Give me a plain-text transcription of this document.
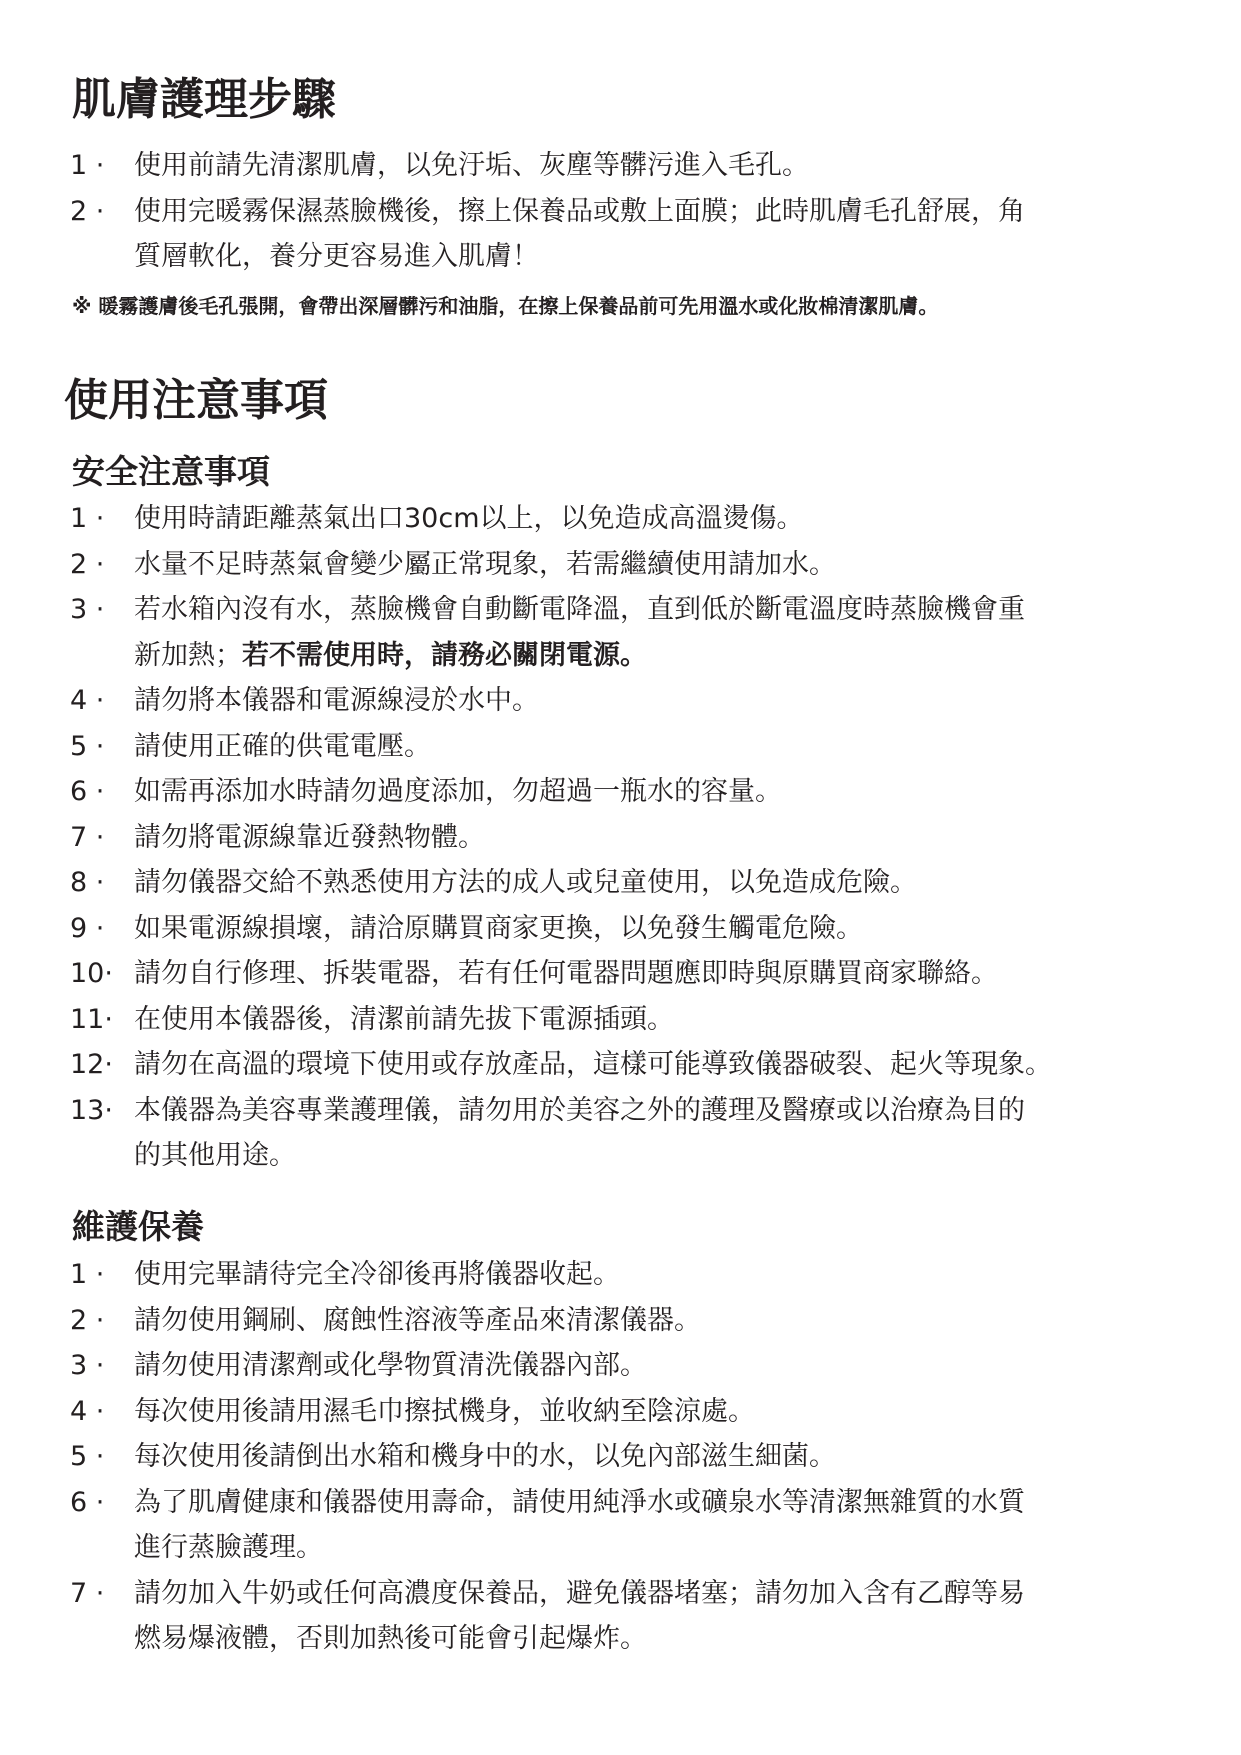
肌膚護理步驟
1 ·	使用前請先清潔肌膚，以免汙垢、灰塵等髒污進入毛孔。
2 ·	使用完暖霧保濕蒸臉機後，擦上保養品或敷上面膜；此時肌膚毛孔舒展，角
質層軟化，養分更容易進入肌膚！
※ 暖霧護膚後毛孔張開，會帶出深層髒污和油脂，在擦上保養品前可先用溫水或化妝棉清潔肌膚。
使用注意事項
安全注意事項
1 ·	使用時請距離蒸氣出口30cm以上，以免造成高溫燙傷。
2 ·	水量不足時蒸氣會變少屬正常現象，若需繼續使用請加水。
3 ·	若水箱內沒有水，蒸臉機會自動斷電降溫，直到低於斷電溫度時蒸臉機會重
新加熱；若不需使用時，請務必關閉電源。
4 ·	請勿將本儀器和電源線浸於水中。
5 ·	請使用正確的供電電壓。
6 ·	如需再添加水時請勿過度添加，勿超過一瓶水的容量。
7 ·	請勿將電源線靠近發熱物體。
8 ·	請勿儀器交給不熟悉使用方法的成人或兒童使用，以免造成危險。
9 ·	如果電源線損壞，請洽原購買商家更換，以免發生觸電危險。
10· 請勿自行修理、拆裝電器，若有任何電器問題應即時與原購買商家聯絡。
11· 在使用本儀器後，清潔前請先拔下電源插頭。
12· 請勿在高溫的環境下使用或存放產品，這樣可能導致儀器破裂、起火等現象。
13· 本儀器為美容專業護理儀，請勿用於美容之外的護理及醫療或以治療為目的
的其他用途。
維護保養
1 ·	使用完畢請待完全冷卻後再將儀器收起。
2 ·	請勿使用鋼刷、腐蝕性溶液等產品來清潔儀器。
3 ·	請勿使用清潔劑或化學物質清洗儀器內部。
4 ·	每次使用後請用濕毛巾擦拭機身，並收納至陰涼處。
5 ·	每次使用後請倒出水箱和機身中的水，以免內部滋生細菌。
6 ·	為了肌膚健康和儀器使用壽命，請使用純淨水或礦泉水等清潔無雜質的水質
進行蒸臉護理。
7 ·	請勿加入牛奶或任何高濃度保養品，避免儀器堵塞；請勿加入含有乙醇等易
燃易爆液體，否則加熱後可能會引起爆炸。
